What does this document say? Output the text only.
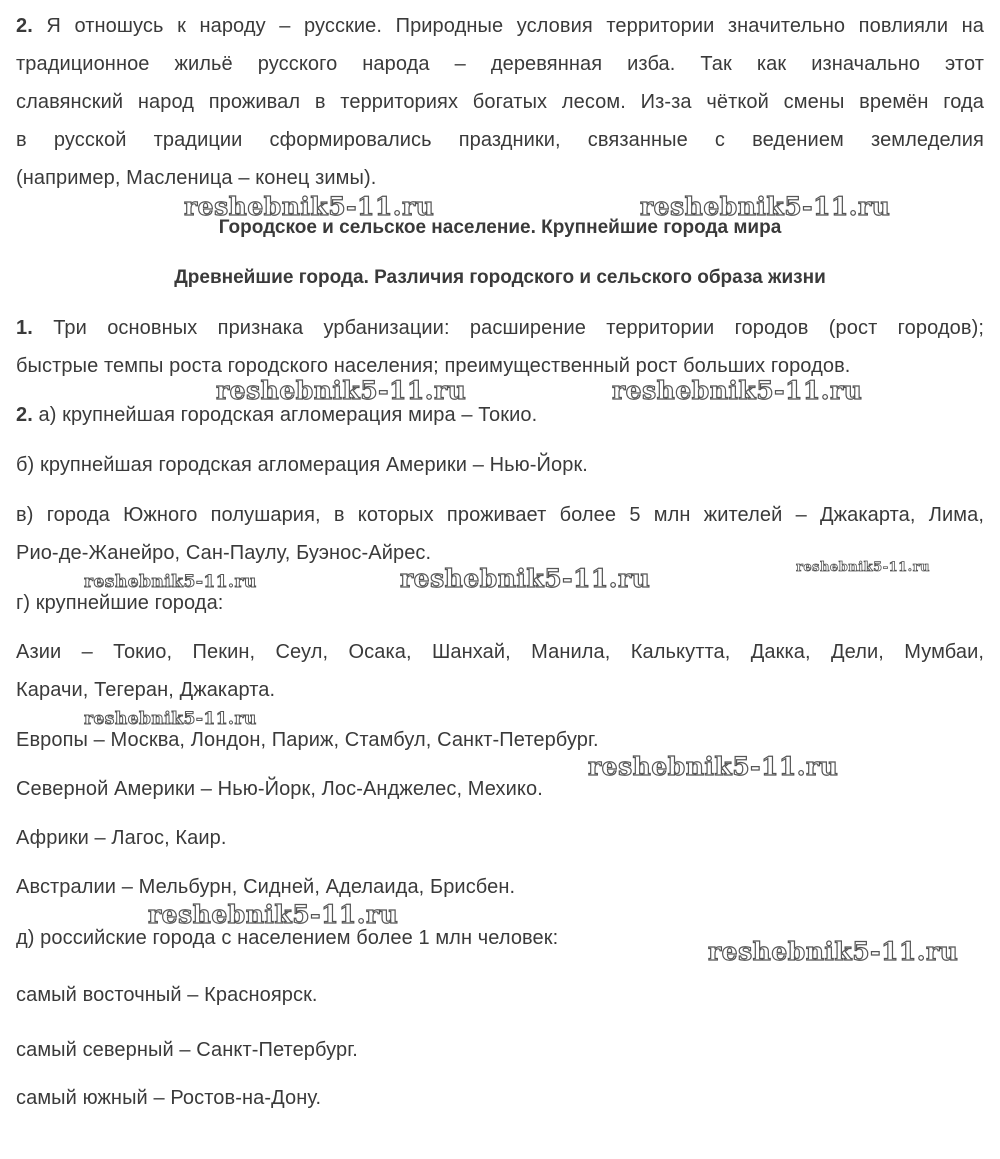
2. Я отношусь к народу – русские. Природные условия территории значительно повлияли на
традиционное жильё русского народа – деревянная изба. Так как изначально этот
славянский народ проживал в территориях богатых лесом. Из-за чёткой смены времён года
в русской традиции сформировались праздники, связанные с ведением земледелия
(например, Масленица – конец зимы).
reshebnik5-11.ru	reshebnik5-11.ru
Городское и сельское население. Крупнейшие города мира
Древнейшие города. Различия городского и сельского образа жизни
1. Три основных признака урбанизации: расширение территории городов (рост городов);
быстрые темпы роста городского населения; преимущественный рост больших городов.
reshebnik5-11.ru	reshebnik5-11.ru
2. а) крупнейшая городская агломерация мира – Токио.
б) крупнейшая городская агломерация Америки – Нью-Йорк.
в) города Южного полушария, в которых проживает более 5 млн жителей – Джакарта, Лима,
Рио-де-Жанейро, Сан-Паулу, Буэнос-Айрес.
reshebnik5-11.ru	reshebnik5-11.ru	reshebnik5-11.ru
г) крупнейшие города:
Азии – Токио, Пекин, Сеул, Осака, Шанхай, Манила, Калькутта, Дакка, Дели, Мумбаи,
Карачи, Тегеран, Джакарта.
reshebnik5-11.ru
Европы – Москва, Лондон, Париж, Стамбул, Санкт-Петербург.
reshebnik5-11.ru
Северной Америки – Нью-Йорк, Лос-Анджелес, Мехико.
Африки – Лагос, Каир.
Австралии – Мельбурн, Сидней, Аделаида, Брисбен.
reshebnik5-11.ru
д) российские города с населением более 1 млн человек:	reshebnik5-11.ru
самый восточный – Красноярск.
самый северный – Санкт-Петербург.
самый южный – Ростов-на-Дону.
